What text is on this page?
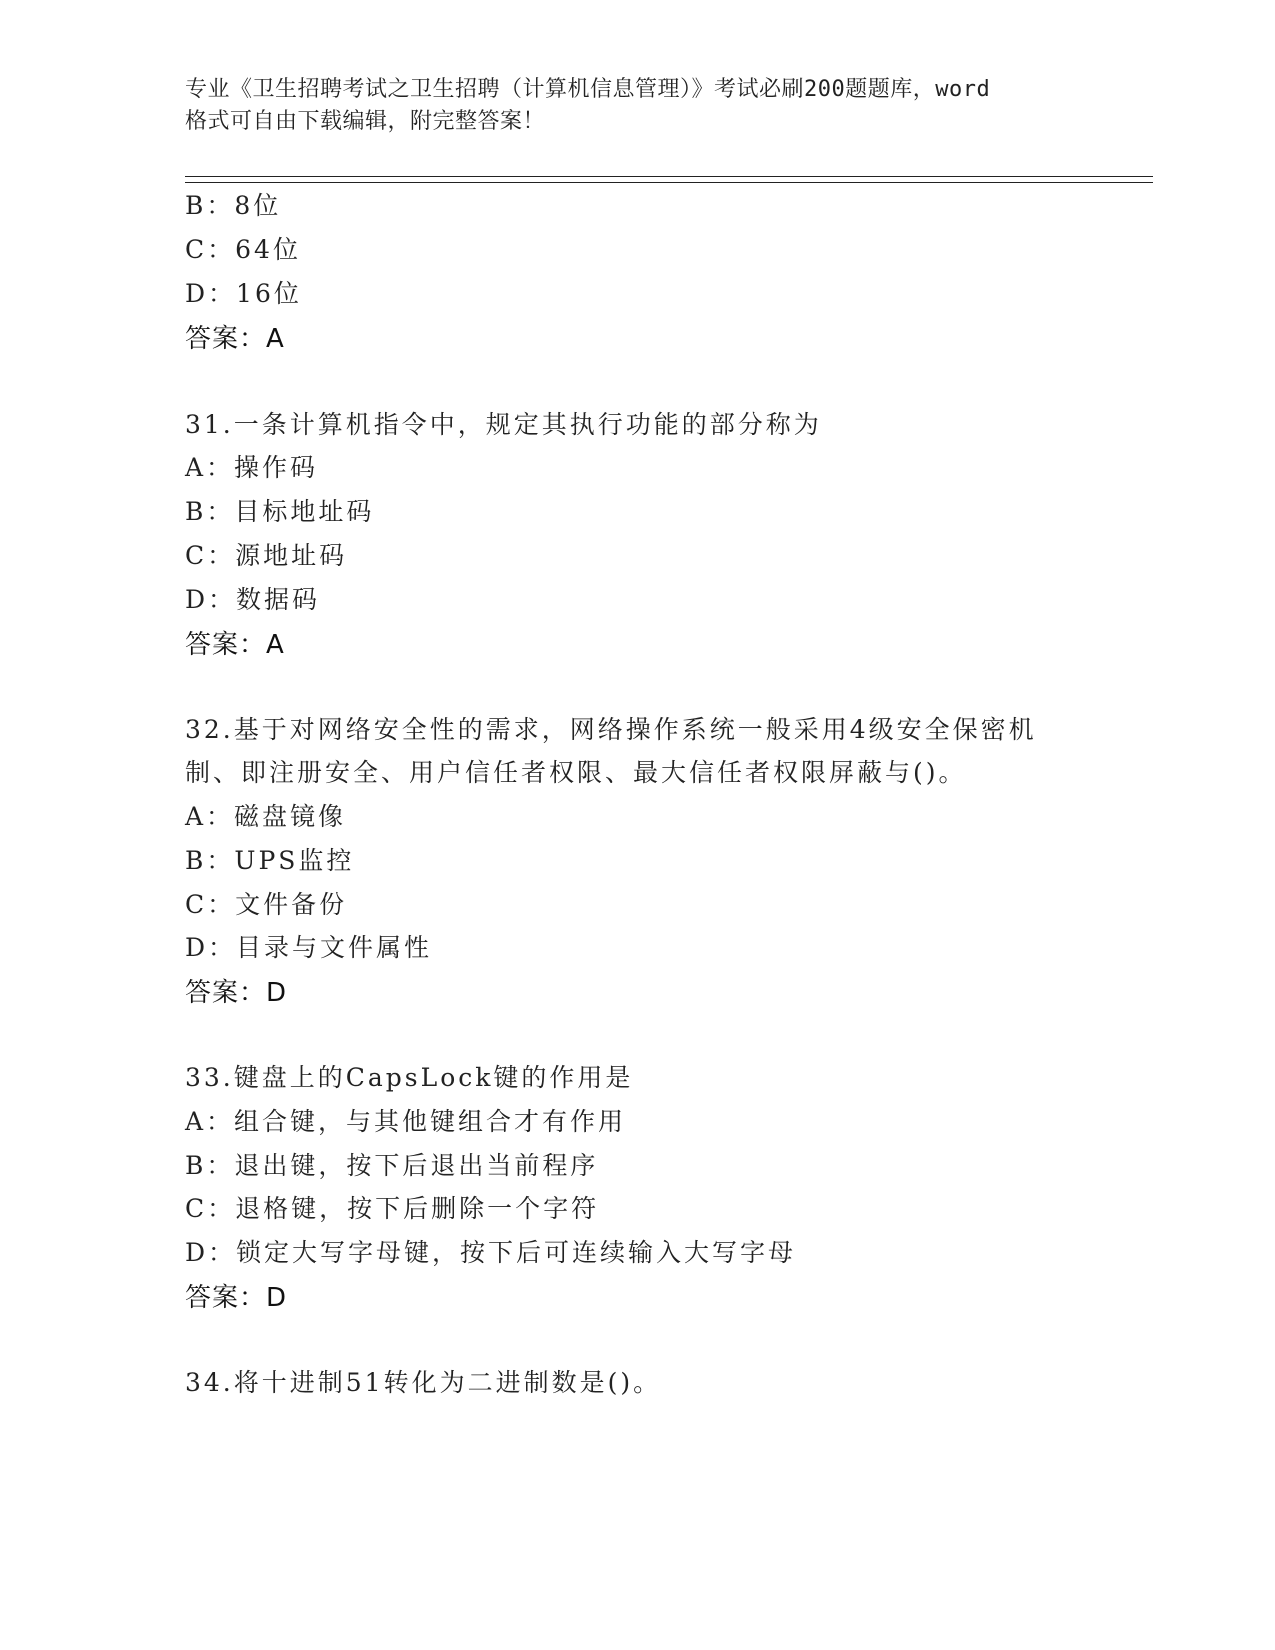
专业《卫生招聘考试之卫生招聘（计算机信息管理）》考试必刷200题题库，word
格式可自由下载编辑，附完整答案！
B：8位
C：64位
D：16位
答案：A
31.一条计算机指令中，规定其执行功能的部分称为
A：操作码
B：目标地址码
C：源地址码
D：数据码
答案：A
32.基于对网络安全性的需求，网络操作系统一般采用4级安全保密机
制、即注册安全、用户信任者权限、最大信任者权限屏蔽与()。
A：磁盘镜像
B：UPS监控
C：文件备份
D：目录与文件属性
答案：D
33.键盘上的CapsLock键的作用是
A：组合键，与其他键组合才有作用
B：退出键，按下后退出当前程序
C：退格键，按下后删除一个字符
D：锁定大写字母键，按下后可连续输入大写字母
答案：D
34.将十进制51转化为二进制数是()。
